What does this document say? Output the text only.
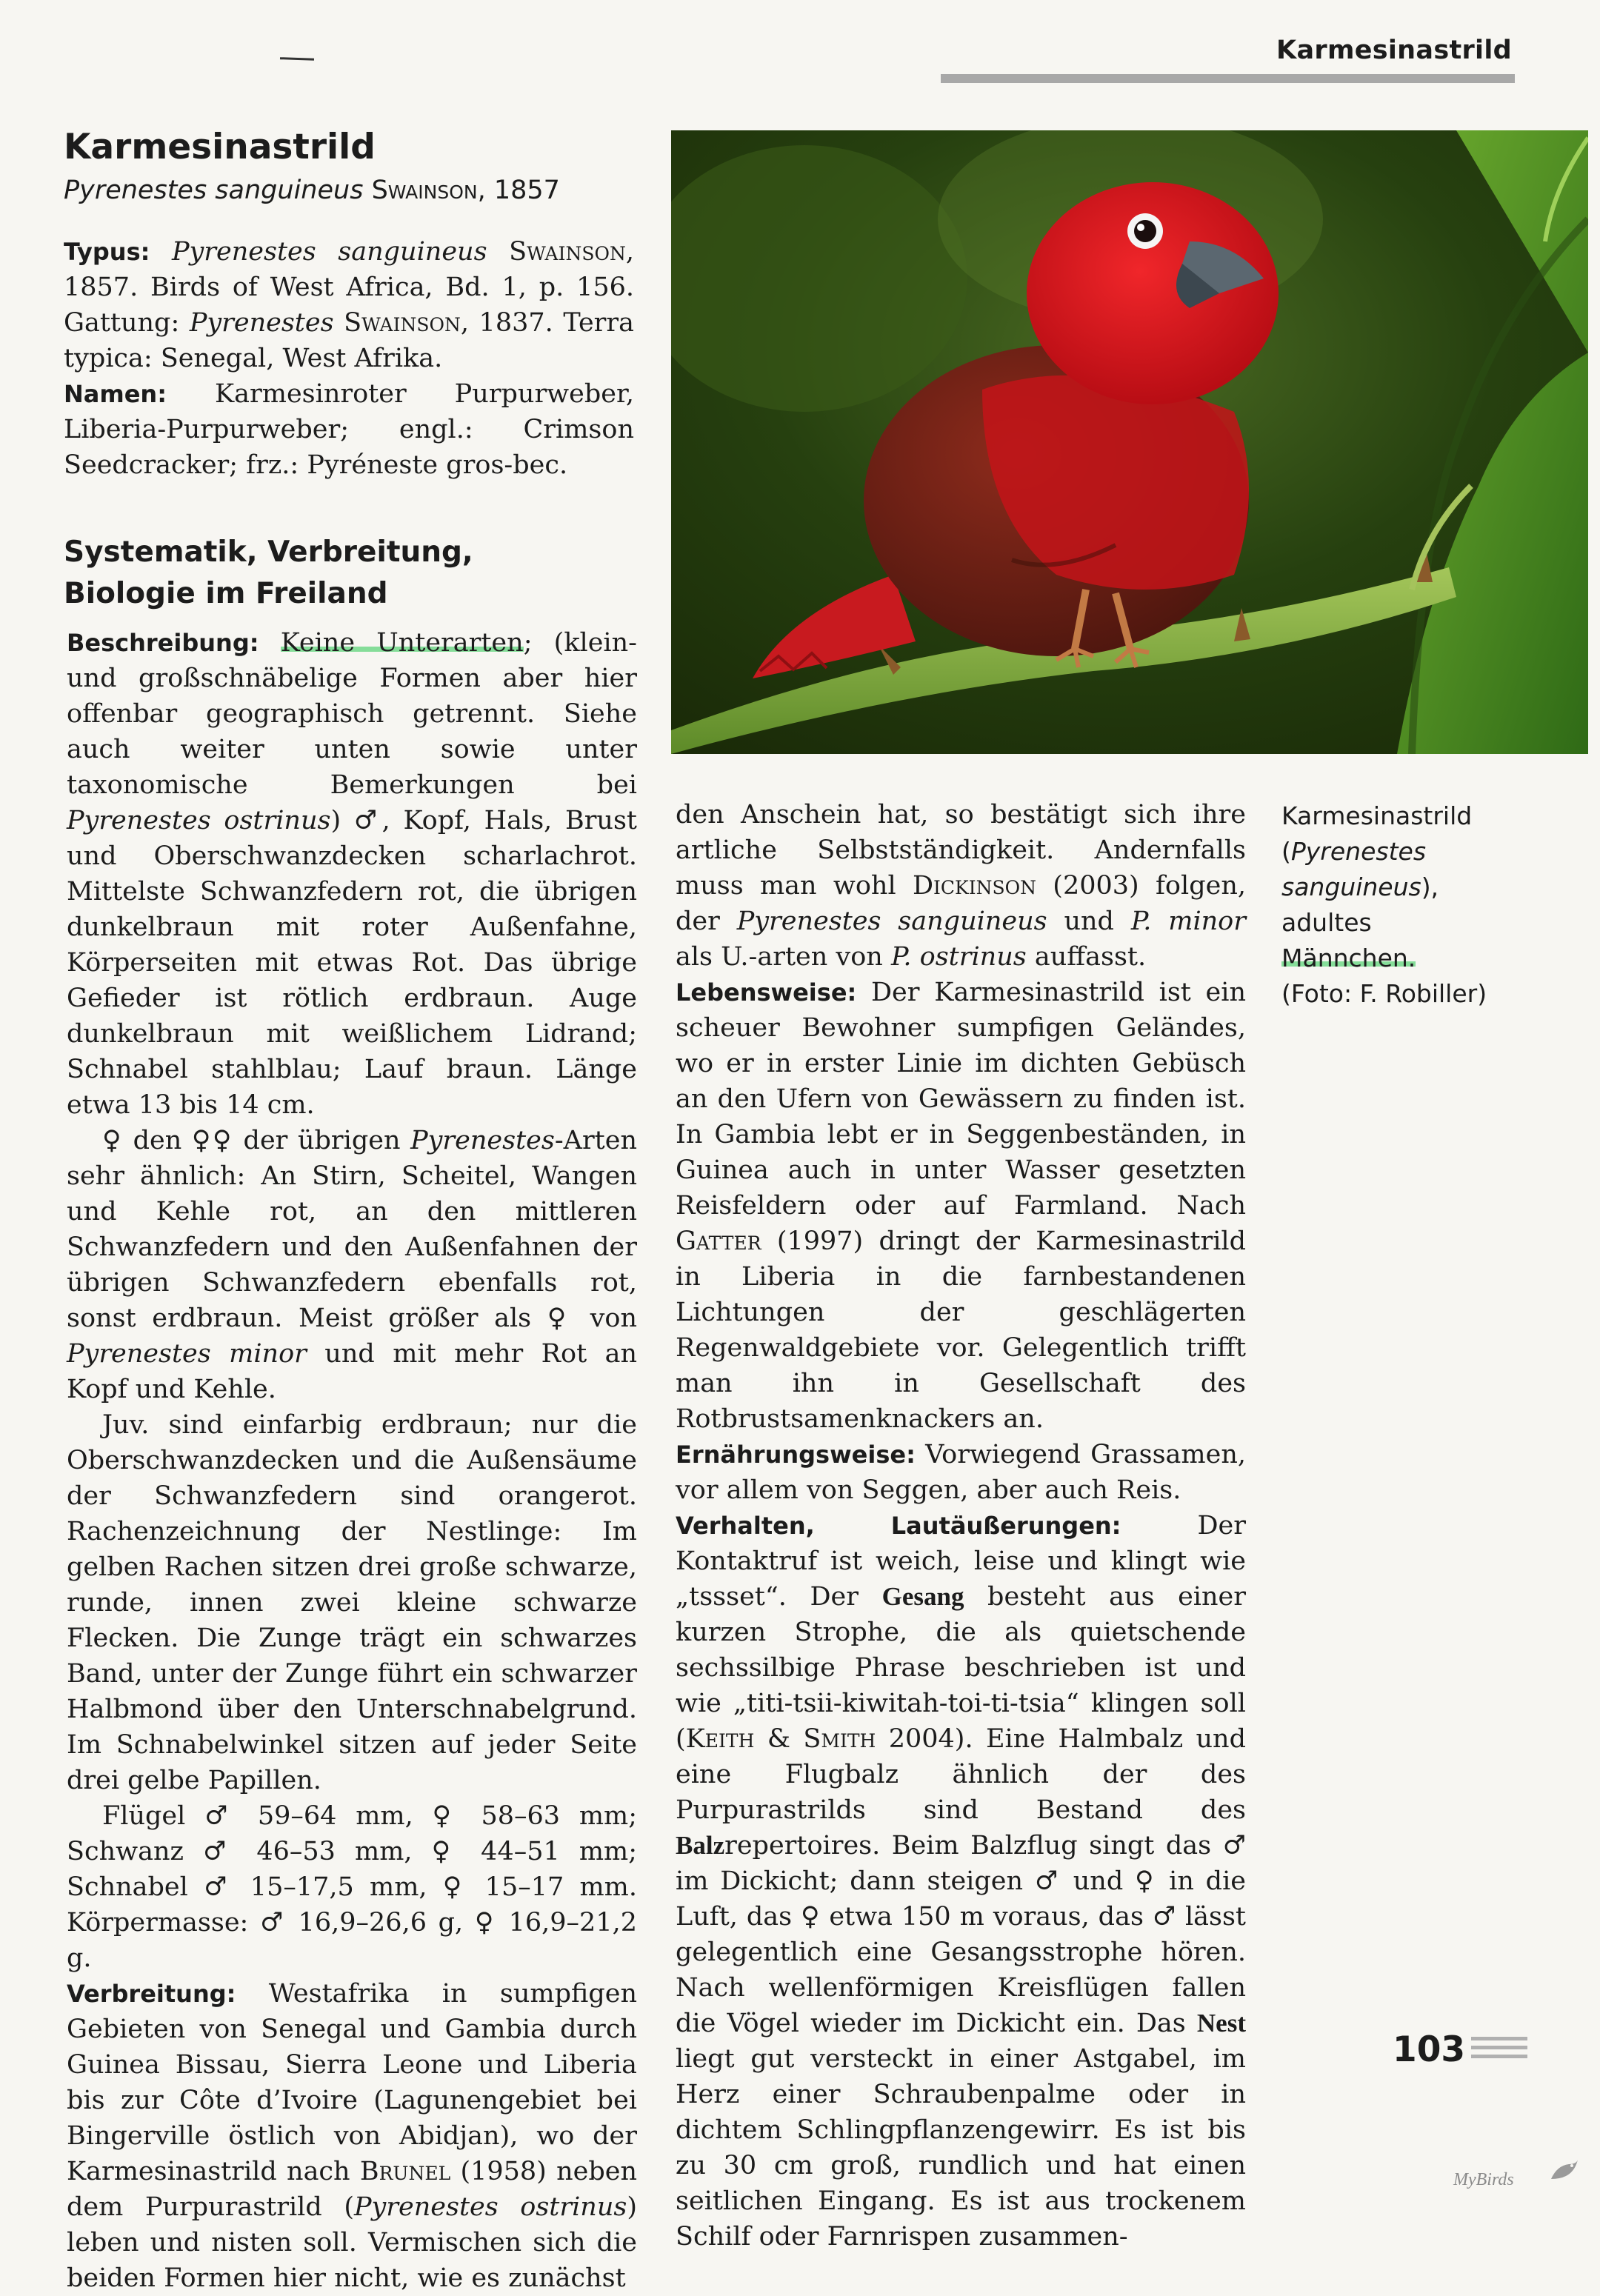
Karmesinastrild
Karmesinastrild
Pyrenestes sanguineus Swainson, 1857

Typus: Pyrenestes sanguineus Swainson, 1857. Birds of West Africa, Bd. 1, p. 156. Gattung: Pyrenestes Swainson, 1837. Terra typica: Senegal, West Afrika.

Namen: Karmesinroter Purpurweber, Liberia-Purpurweber; engl.: Crimson Seedcracker; frz.: Pyréneste gros-bec.

Systematik, Verbreitung,
Biologie im Freiland

Beschreibung: Keine Unterarten; (klein- und großschnäbelige Formen aber hier offenbar geographisch getrennt. Siehe auch weiter unten sowie unter taxonomische Bemerkungen bei Pyrenestes ostrinus) ♂, Kopf, Hals, Brust und Oberschwanzdecken scharlachrot. Mittelste Schwanzfedern rot, die übrigen dunkelbraun mit roter Außenfahne, Körperseiten mit etwas Rot. Das übrige Gefieder ist rötlich erdbraun. Auge dunkelbraun mit weißlichem Lidrand; Schnabel stahlblau; Lauf braun. Länge etwa 13 bis 14 cm.

♀ den ♀♀ der übrigen Pyrenestes-Arten sehr ähnlich: An Stirn, Scheitel, Wangen und Kehle rot, an den mittleren Schwanzfedern und den Außenfahnen der übrigen Schwanzfedern ebenfalls rot, sonst erdbraun. Meist größer als ♀ von Pyrenestes minor und mit mehr Rot an Kopf und Kehle.

Juv. sind einfarbig erdbraun; nur die Oberschwanzdecken und die Außensäume der Schwanzfedern sind orangerot. Rachenzeichnung der Nestlinge: Im gelben Rachen sitzen drei große schwarze, runde, innen zwei kleine schwarze Flecken. Die Zunge trägt ein schwarzes Band, unter der Zunge führt ein schwarzer Halbmond über den Unterschnabelgrund. Im Schnabelwinkel sitzen auf jeder Seite drei gelbe Papillen.

Flügel ♂ 59–64 mm, ♀ 58–63 mm; Schwanz ♂ 46–53 mm, ♀ 44–51 mm; Schnabel ♂ 15–17,5 mm, ♀ 15–17 mm. Körpermasse: ♂ 16,9–26,6 g, ♀ 16,9–21,2 g.

Verbreitung: Westafrika in sumpfigen Gebieten von Senegal und Gambia durch Guinea Bissau, Sierra Leone und Liberia bis zur Côte d’Ivoire (Lagunengebiet bei Bingerville östlich von Abidjan), wo der Karmesinastrild nach Brunel (1958) neben dem Purpurastrild (Pyrenestes ostrinus) leben und nisten soll. Vermischen sich die beiden Formen hier nicht, wie es zunächst

den Anschein hat, so bestätigt sich ihre artliche Selbstständigkeit. Andernfalls muss man wohl Dickinson (2003) folgen, der Pyrenestes sanguineus und P. minor als U.-arten von P. ostrinus auffasst.

Lebensweise: Der Karmesinastrild ist ein scheuer Bewohner sumpfigen Geländes, wo er in erster Linie im dichten Gebüsch an den Ufern von Gewässern zu finden ist. In Gambia lebt er in Seggenbeständen, in Guinea auch in unter Wasser gesetzten Reisfeldern oder auf Farmland. Nach Gatter (1997) dringt der Karmesinastrild in Liberia in die farnbestandenen Lichtungen der geschlägerten Regenwaldgebiete vor. Gelegentlich trifft man ihn in Gesellschaft des Rotbrustsamenknackers an.

Ernährungsweise: Vorwiegend Grassamen, vor allem von Seggen, aber auch Reis.

Verhalten, Lautäußerungen:	Der Kontaktruf ist weich, leise und klingt wie „tssset“. Der Gesang besteht aus einer kurzen Strophe, die als quietschende sechssilbige Phrase beschrieben ist und wie „titi-tsii-kiwitah-toi-ti-tsia“ klingen soll (Keith & Smith 2004). Eine Halmbalz und eine Flugbalz ähnlich der des Purpurastrilds sind Bestand des Balzrepertoires. Beim Balzflug singt das ♂ im Dickicht; dann steigen ♂ und ♀ in die Luft, das ♀ etwa 150 m voraus, das ♂ lässt gelegentlich eine Gesangsstrophe hören. Nach wellenförmigen Kreisflügen fallen die Vögel wieder im Dickicht ein. Das Nest liegt gut versteckt in einer Astgabel, im Herz einer Schraubenpalme oder in dichtem Schlingpflanzengewirr. Es ist bis zu 30 cm groß, rundlich und hat einen seitlichen Eingang. Es ist aus trockenem Schilf oder Farnrispen zusammen-

Karmesinastrild
(Pyrenestes sanguineus), adultes
Männchen.
(Foto: F. Robiller)
103
MyBirds
